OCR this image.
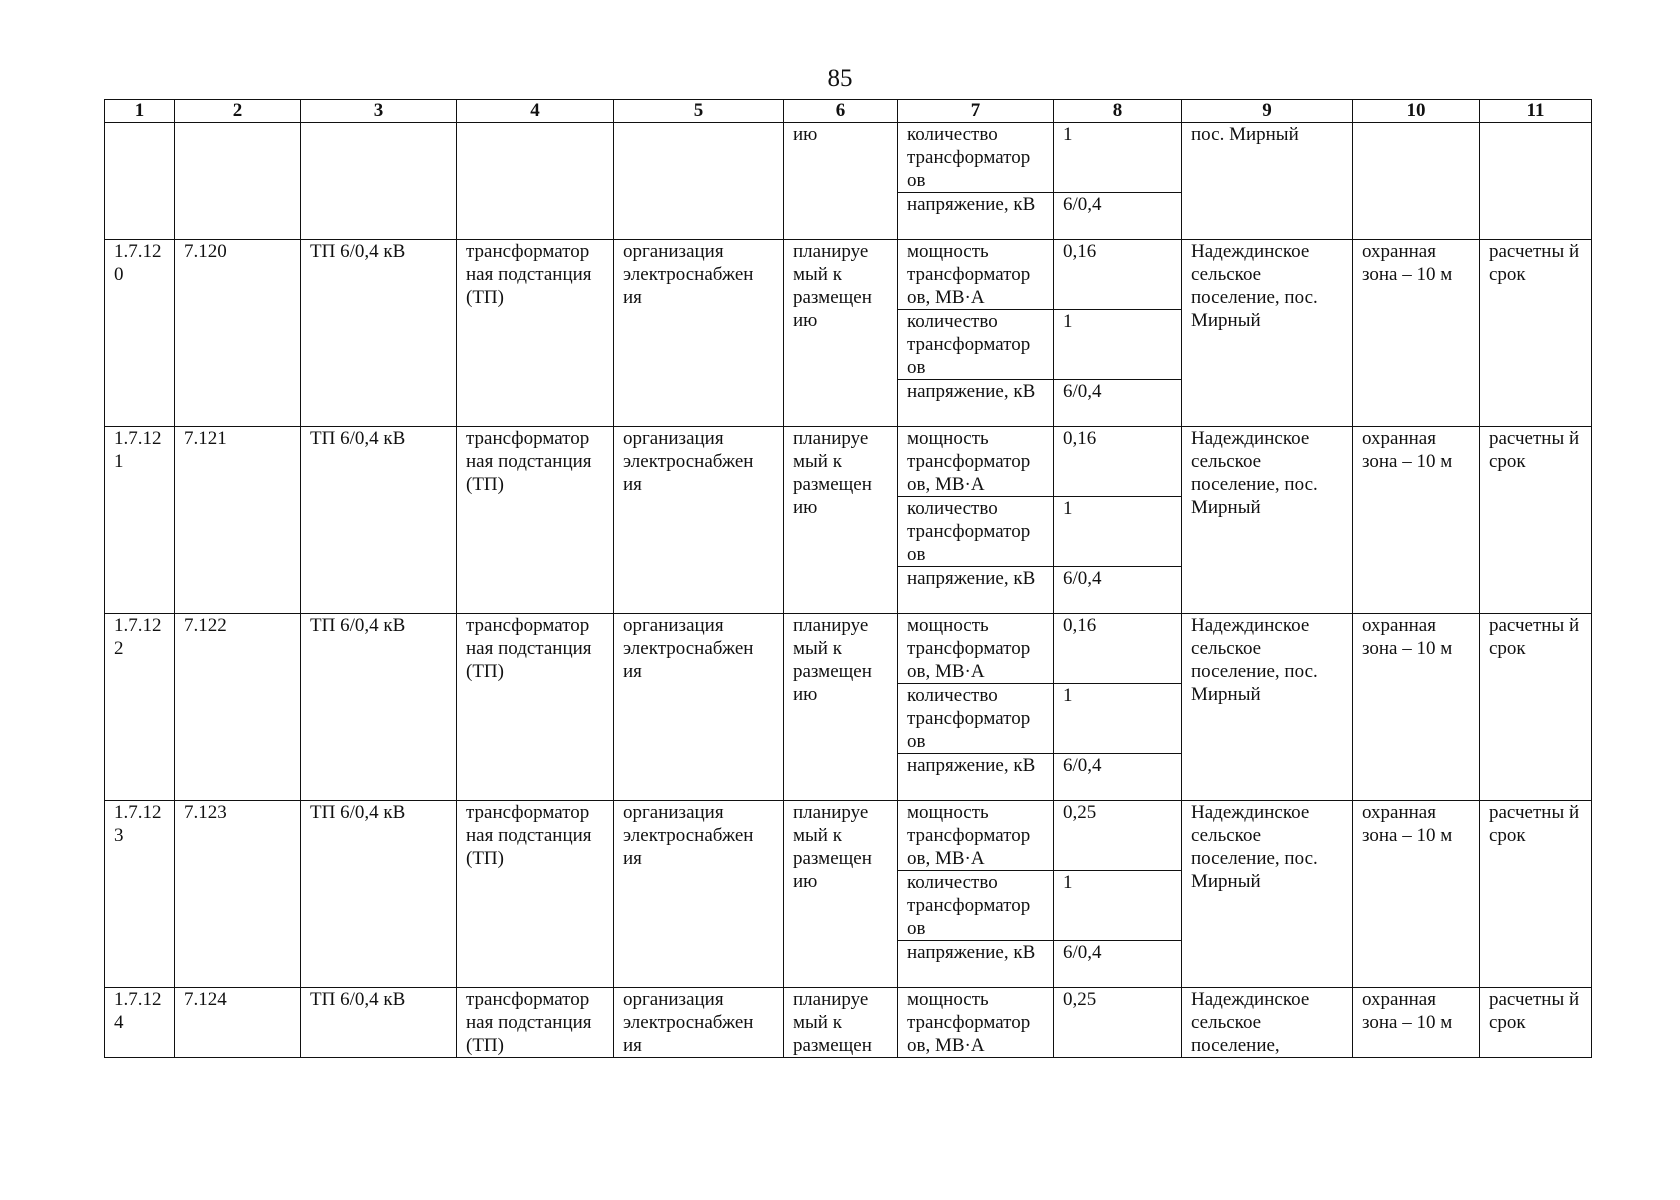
85
1	2	3	4	5	6	7	8	9	10	11
					ию	количество трансформатор ов	1	пос. Мирный		
						напряжение, кВ	6/0,4			
1.7.120	7.120	ТП 6/0,4 кВ	трансформатор ная подстанция (ТП)	организация электроснабжен ия	планируе мый к размещен ию	мощность трансформатор ов, МВ·А	0,16	Надеждинское сельское поселение, пос. Мирный	охранная зона – 10 м	расчетны й срок
						количество трансформатор ов	1			
						напряжение, кВ	6/0,4			
1.7.121	7.121	ТП 6/0,4 кВ	трансформатор ная подстанция (ТП)	организация электроснабжен ия	планируе мый к размещен ию	мощность трансформатор ов, МВ·А	0,16	Надеждинское сельское поселение, пос. Мирный	охранная зона – 10 м	расчетны й срок
						количество трансформатор ов	1			
						напряжение, кВ	6/0,4			
1.7.122	7.122	ТП 6/0,4 кВ	трансформатор ная подстанция (ТП)	организация электроснабжен ия	планируе мый к размещен ию	мощность трансформатор ов, МВ·А	0,16	Надеждинское сельское поселение, пос. Мирный	охранная зона – 10 м	расчетны й срок
						количество трансформатор ов	1			
						напряжение, кВ	6/0,4			
1.7.123	7.123	ТП 6/0,4 кВ	трансформатор ная подстанция (ТП)	организация электроснабжен ия	планируе мый к размещен ию	мощность трансформатор ов, МВ·А	0,25	Надеждинское сельское поселение, пос. Мирный	охранная зона – 10 м	расчетны й срок
						количество трансформатор ов	1			
						напряжение, кВ	6/0,4			
1.7.124	7.124	ТП 6/0,4 кВ	трансформатор ная подстанция (ТП)	организация электроснабжен ия	планируе мый к размещен	мощность трансформатор ов, МВ·А	0,25	Надеждинское сельское поселение,	охранная зона – 10 м	расчетны й срок
